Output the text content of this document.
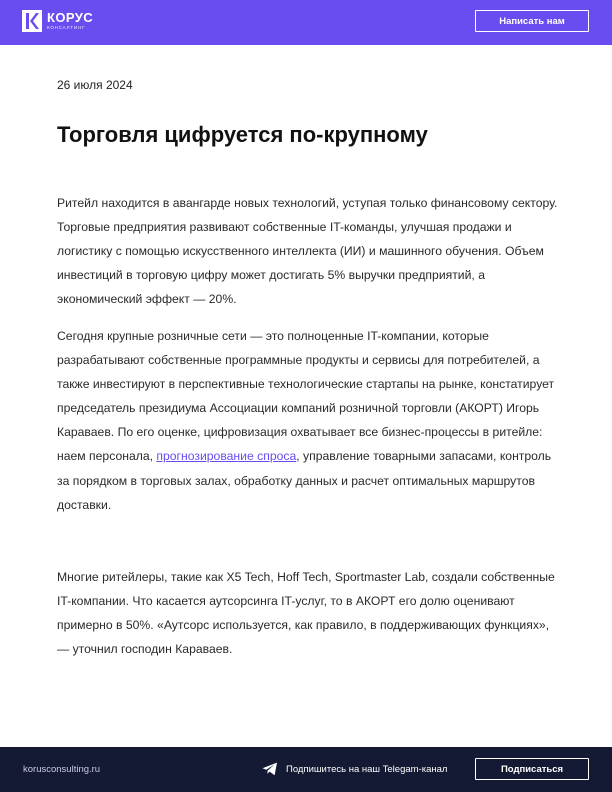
КОРУС
КОНСАЛТИНГ
Написать нам
26 июля 2024
Торговля цифруется по-крупному

Ритейл находится в авангарде новых технологий, уступая только финансовому сектору. Торговые предприятия развивают собственные IT-команды, улучшая продажи и логистику с помощью искусственного интеллекта (ИИ) и машинного обучения. Объем инвестиций в торговую цифру может достигать 5% выручки предприятий, а экономический эффект — 20%.

Сегодня крупные розничные сети — это полноценные IT-компании, которые разрабатывают собственные программные продукты и сервисы для потребителей, а также инвестируют в перспективные технологические стартапы на рынке, констатирует председатель президиума Ассоциации компаний розничной торговли (АКОРТ) Игорь Караваев. По его оценке, цифровизация охватывает все бизнес-процессы в ритейле: наем персонала, прогнозирование спроса, управление товарными запасами, контроль за порядком в торговых залах, обработку данных и расчет оптимальных маршрутов доставки.

Многие ритейлеры, такие как X5 Tech, Hoff Tech, Sportmaster Lab, создали собственные IT-компании. Что касается аутсорсинга IT-услуг, то в АКОРТ его долю оценивают примерно в 50%. «Аутсорс используется, как правило, в поддерживающих функциях»,— уточнил господин Караваев.

korusconsulting.ru	Подпишитесь на наш Telegam-канал	Подписаться
